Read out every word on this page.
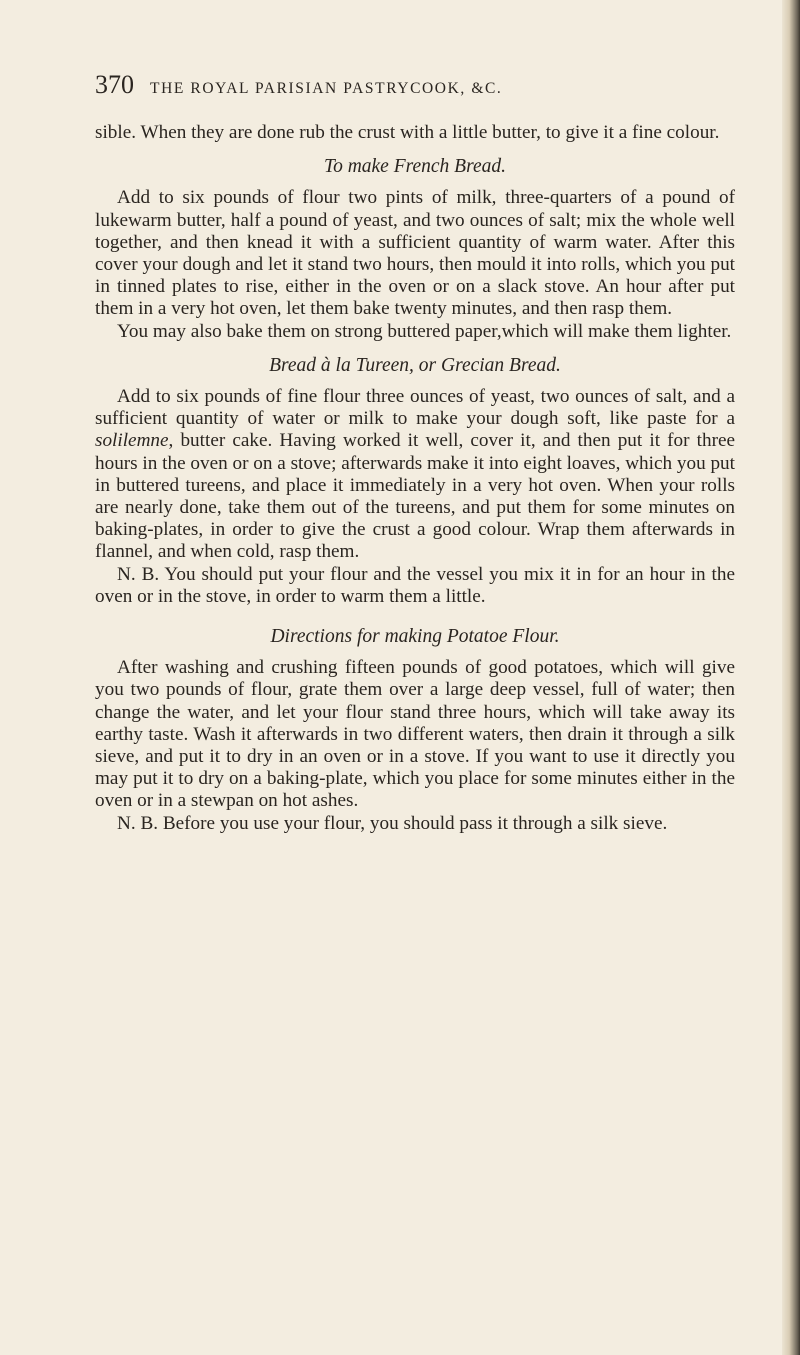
370	THE ROYAL PARISIAN PASTRYCOOK, &C.

sible. When they are done rub the crust with a little butter, to give it a fine colour.

To make French Bread.

Add to six pounds of flour two pints of milk, three-quarters of a pound of lukewarm butter, half a pound of yeast, and two ounces of salt; mix the whole well together, and then knead it with a sufficient quantity of warm water. After this cover your dough and let it stand two hours, then mould it into rolls, which you put in tinned plates to rise, either in the oven or on a slack stove. An hour after put them in a very hot oven, let them bake twenty minutes, and then rasp them.

You may also bake them on strong buttered paper,which will make them lighter.

Bread à la Tureen, or Grecian Bread.

Add to six pounds of fine flour three ounces of yeast, two ounces of salt, and a sufficient quantity of water or milk to make your dough soft, like paste for a solilemne, butter cake. Having worked it well, cover it, and then put it for three hours in the oven or on a stove; afterwards make it into eight loaves, which you put in buttered tureens, and place it immediately in a very hot oven. When your rolls are nearly done, take them out of the tureens, and put them for some minutes on baking-plates, in order to give the crust a good colour. Wrap them afterwards in flannel, and when cold, rasp them.

N. B. You should put your flour and the vessel you mix it in for an hour in the oven or in the stove, in order to warm them a little.

Directions for making Potatoe Flour.

After washing and crushing fifteen pounds of good potatoes, which will give you two pounds of flour, grate them over a large deep vessel, full of water; then change the water, and let your flour stand three hours, which will take away its earthy taste. Wash it afterwards in two different waters, then drain it through a silk sieve, and put it to dry in an oven or in a stove. If you want to use it directly you may put it to dry on a baking-plate, which you place for some minutes either in the oven or in a stewpan on hot ashes.

N. B. Before you use your flour, you should pass it through a silk sieve.
